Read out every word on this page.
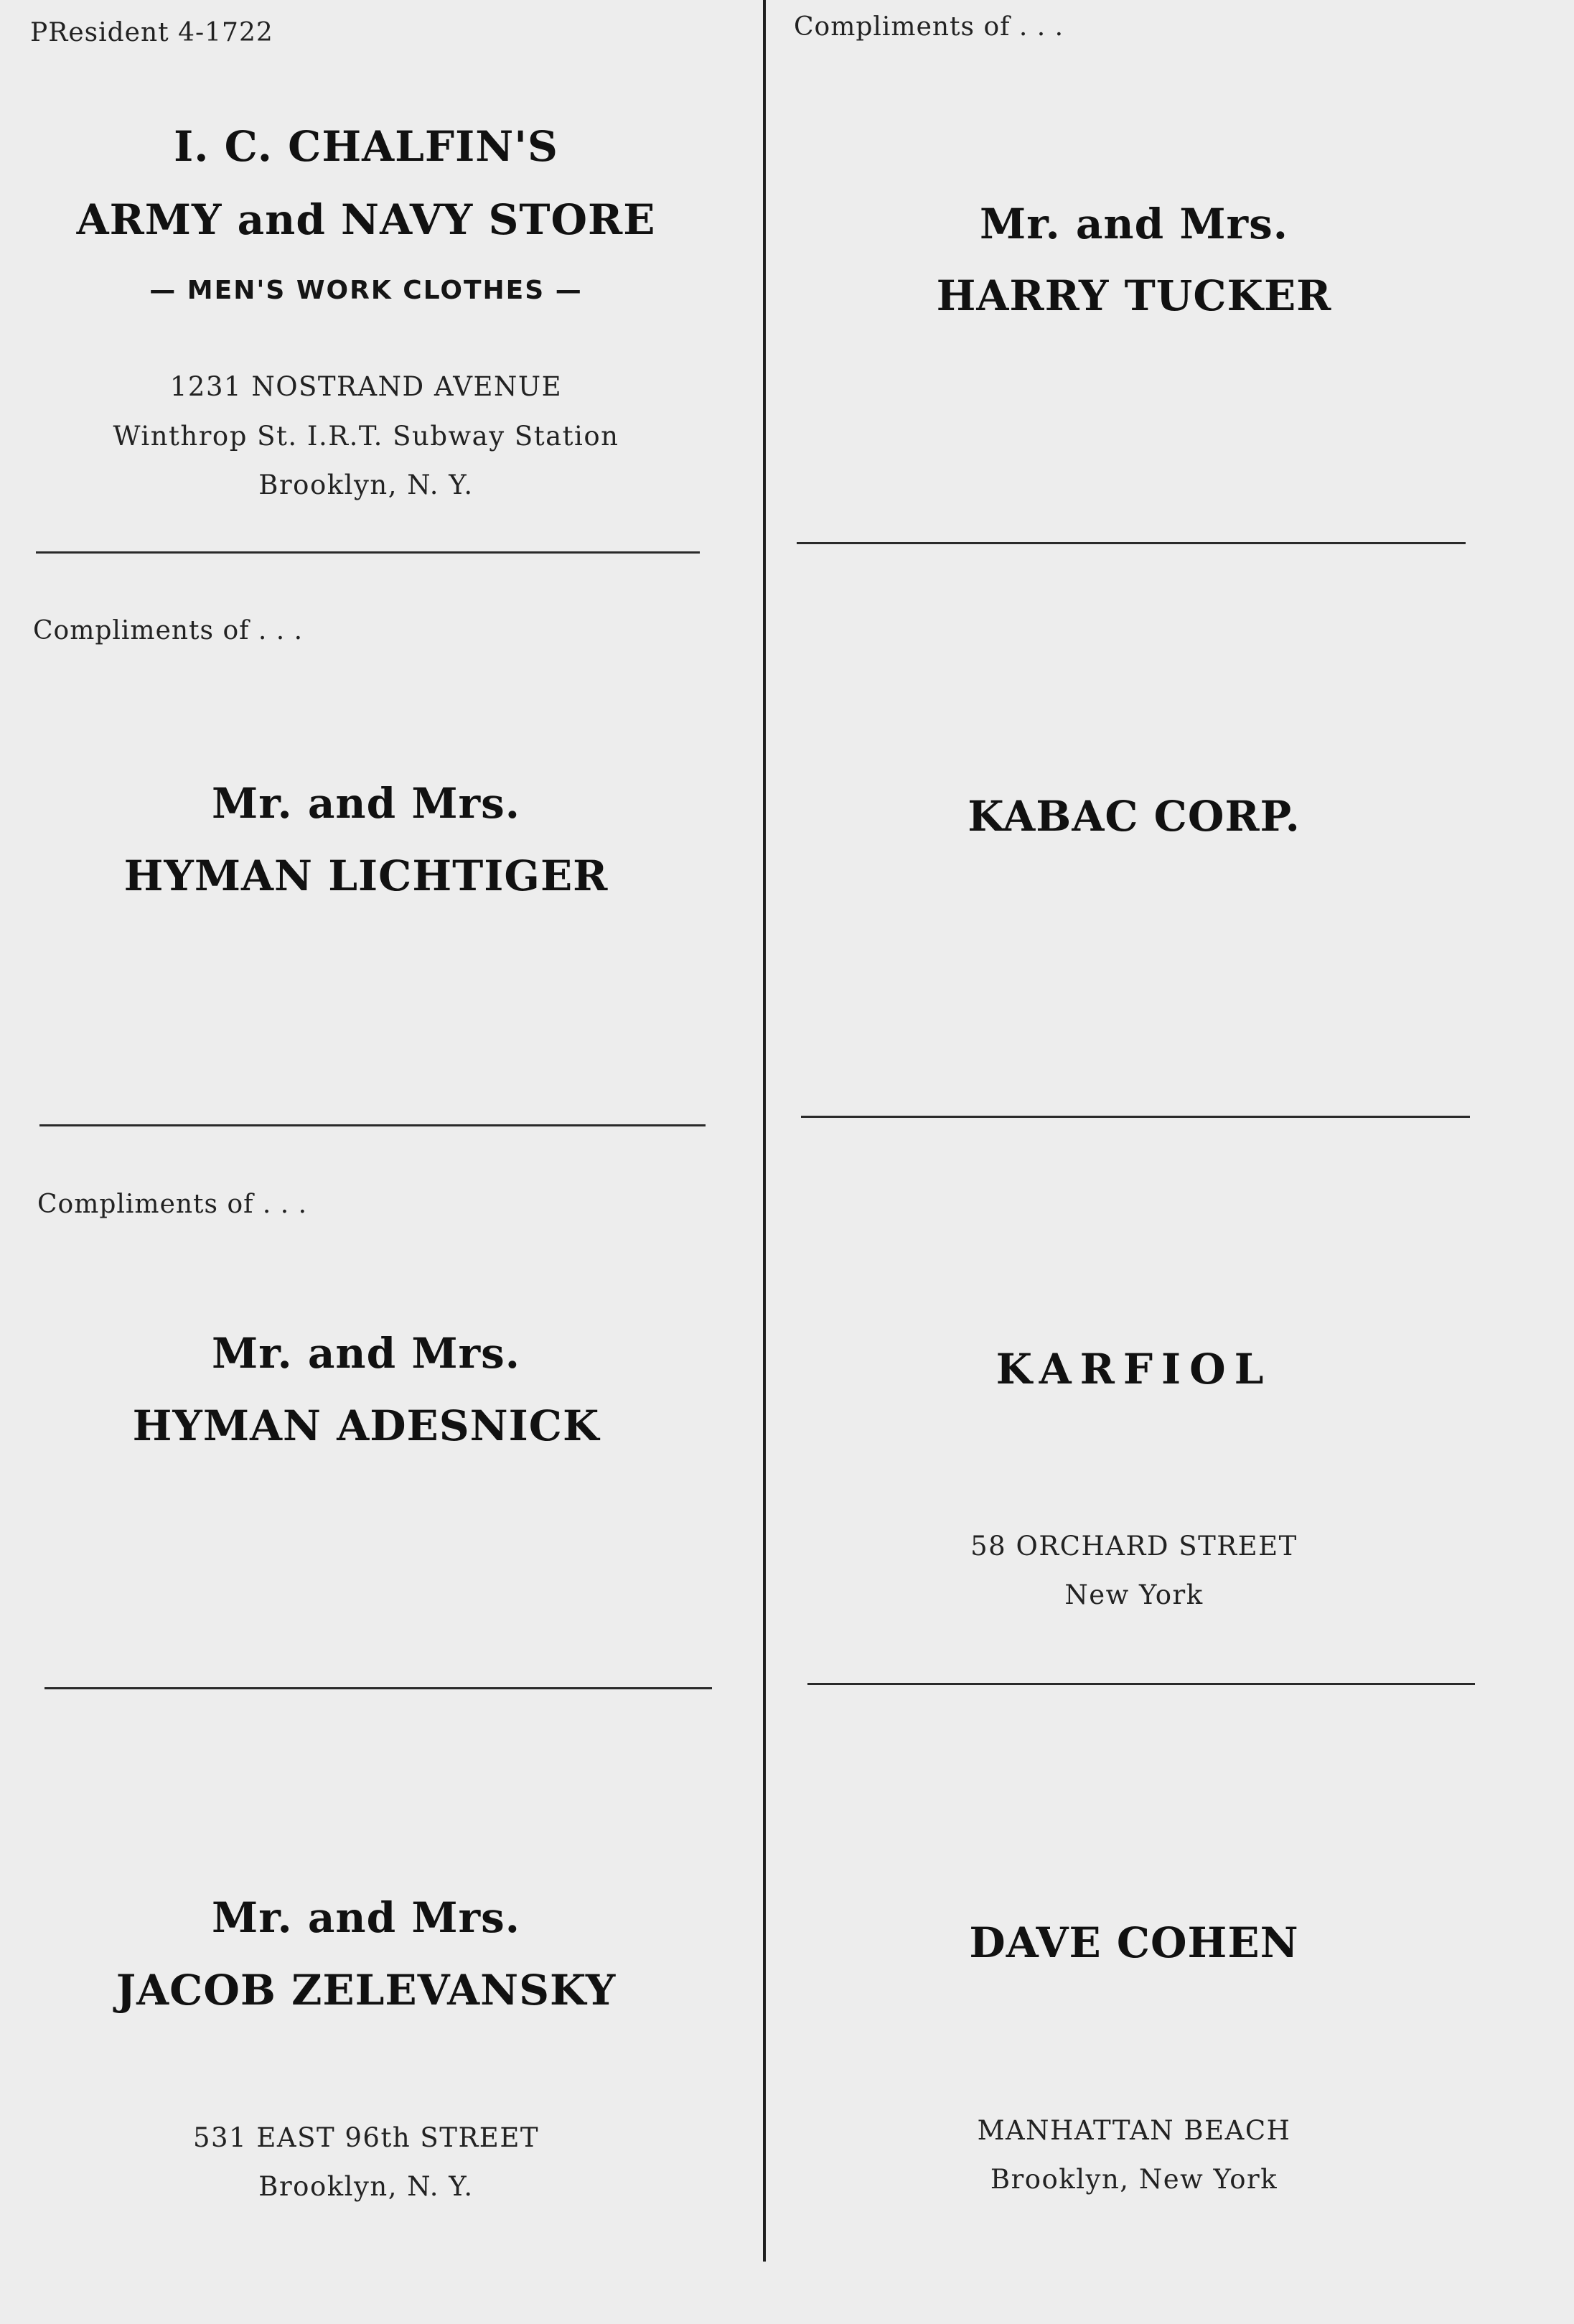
PResident 4-1722
I. C. CHALFIN'S
ARMY and NAVY STORE
— MEN'S WORK CLOTHES —
1231 NOSTRAND AVENUE
Winthrop St. I.R.T. Subway Station
Brooklyn, N. Y.
Compliments of . . .
Mr. and Mrs.
HYMAN LICHTIGER
Compliments of . . .
Mr. and Mrs.
HYMAN ADESNICK
Mr. and Mrs.
JACOB ZELEVANSKY
531 EAST 96th STREET
Brooklyn, N. Y.
Compliments of . . .
Mr. and Mrs.
HARRY TUCKER
KABAC CORP.
KARFIOL
58 ORCHARD STREET
New York
DAVE COHEN
MANHATTAN BEACH
Brooklyn, New York
